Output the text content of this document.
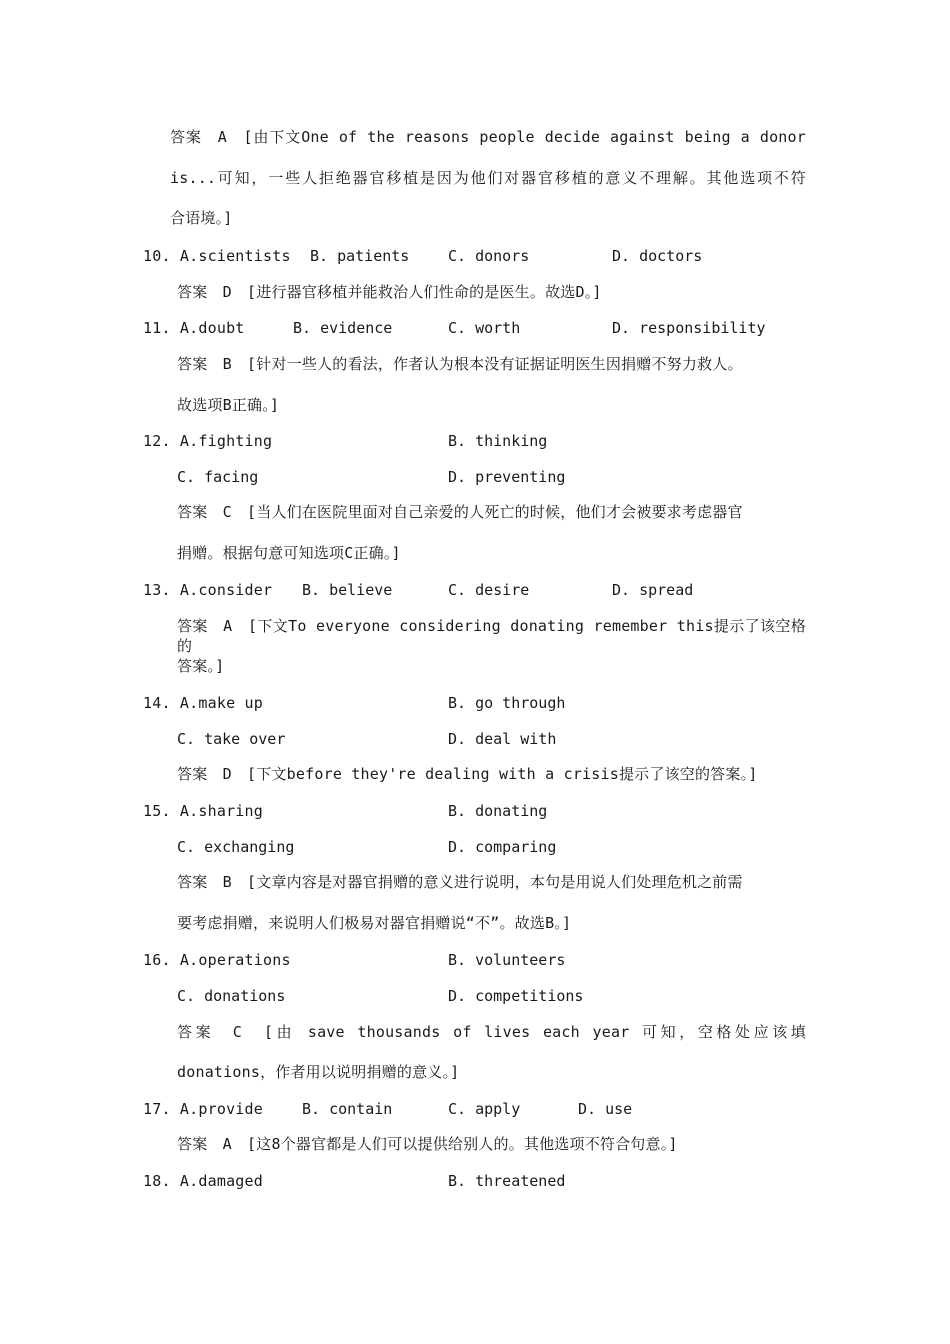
答案　A　[由下文One of the reasons people decide against being a donor
is...可知，一些人拒绝器官移植是因为他们对器官移植的意义不理解。其他选项不符
合语境。]
10. A.scientists B. patients	C. donors	D. doctors
答案　D　[进行器官移植并能救治人们性命的是医生。故选D。]
11. A.doubt	B. evidence	C. worth	D. responsibility
答案　B　[针对一些人的看法，作者认为根本没有证据证明医生因捐赠不努力救人。
故选项B正确。]
12. A.fighting	B. thinking
C. facing	D. preventing
答案　C　[当人们在医院里面对自己亲爱的人死亡的时候，他们才会被要求考虑器官
捐赠。根据句意可知选项C正确。]
13. A.consider B. believe	C. desire	D. spread
答案　A　[下文To everyone considering donating remember this提示了该空格的
答案。]
14. A.make up	B. go through
C. take over	D. deal with
答案　D　[下文before they're dealing with a crisis提示了该空的答案。]
15. A.sharing	B. donating
C. exchanging	D. comparing
答案　B　[文章内容是对器官捐赠的意义进行说明，本句是用说人们处理危机之前需
要考虑捐赠，来说明人们极易对器官捐赠说“不”。故选B。]
16. A.operations	B. volunteers
C. donations	D. competitions
答案　C　[由 save thousands of lives each year 可知，空格处应该填
donations，作者用以说明捐赠的意义。]
17. A.provide	B. contain	C. apply	D. use
答案　A　[这8个器官都是人们可以提供给别人的。其他选项不符合句意。]
18. A.damaged	B. threatened
